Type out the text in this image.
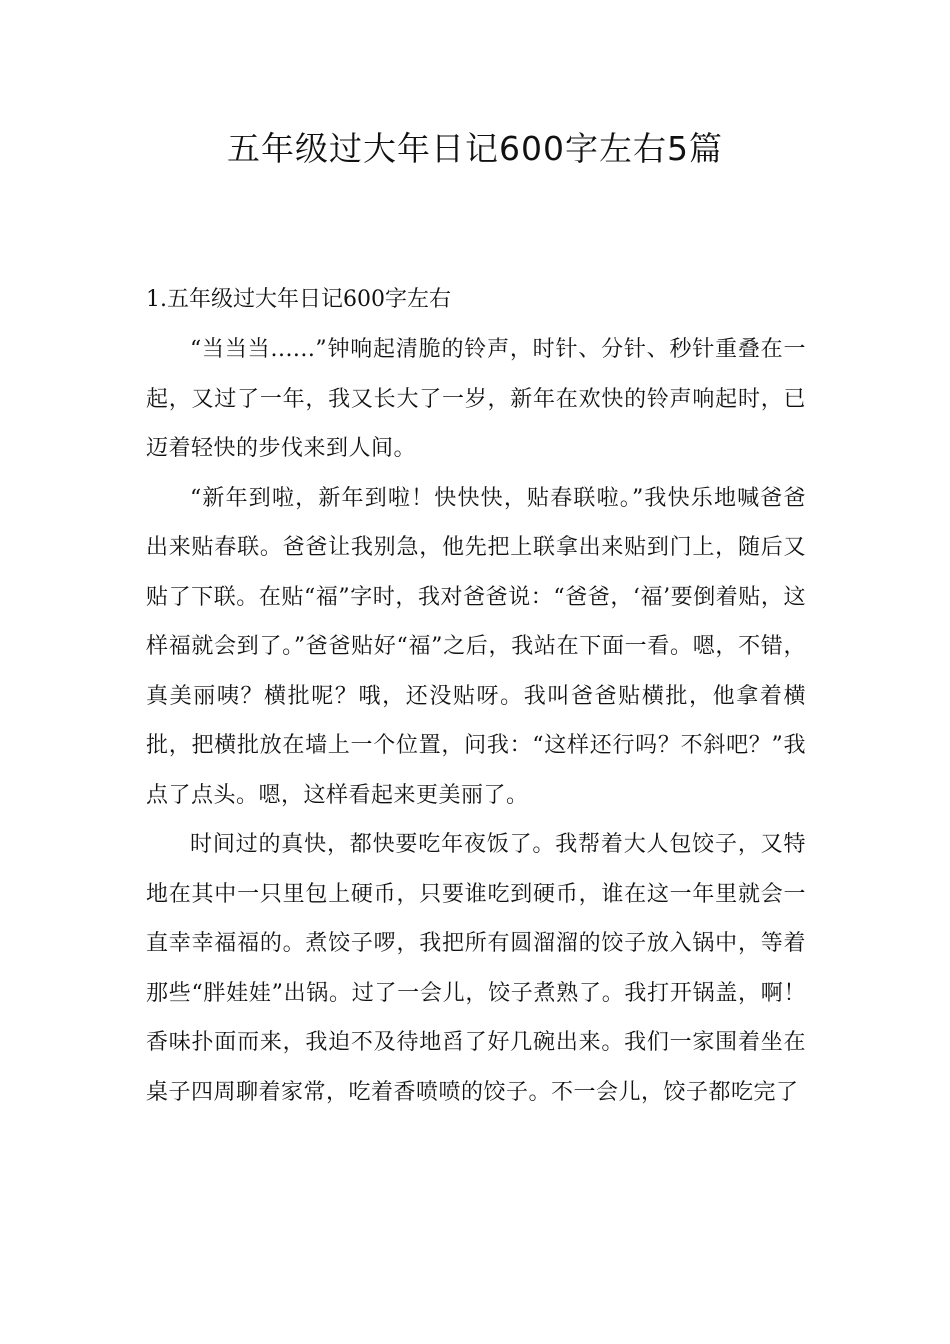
五年级过大年日记600字左右5篇
1.五年级过大年日记600字左右

“当当当......”钟响起清脆的铃声，时针、分针、秒针重叠在一起，又过了一年，我又长大了一岁，新年在欢快的铃声响起时，已迈着轻快的步伐来到人间。

“新年到啦，新年到啦！快快快，贴春联啦。”我快乐地喊爸爸出来贴春联。爸爸让我别急，他先把上联拿出来贴到门上，随后又贴了下联。在贴“福”字时，我对爸爸说：“爸爸，‘福’要倒着贴，这样福就会到了。”爸爸贴好“福”之后，我站在下面一看。嗯，不错，真美丽咦？横批呢？哦，还没贴呀。我叫爸爸贴横批，他拿着横批，把横批放在墙上一个位置，问我：“这样还行吗？不斜吧？”我点了点头。嗯，这样看起来更美丽了。

时间过的真快，都快要吃年夜饭了。我帮着大人包饺子，又特地在其中一只里包上硬币，只要谁吃到硬币，谁在这一年里就会一直幸幸福福的。煮饺子啰，我把所有圆溜溜的饺子放入锅中，等着那些“胖娃娃”出锅。过了一会儿，饺子煮熟了。我打开锅盖，啊！香味扑面而来，我迫不及待地舀了好几碗出来。我们一家围着坐在桌子四周聊着家常，吃着香喷喷的饺子。不一会儿，饺子都吃完了
